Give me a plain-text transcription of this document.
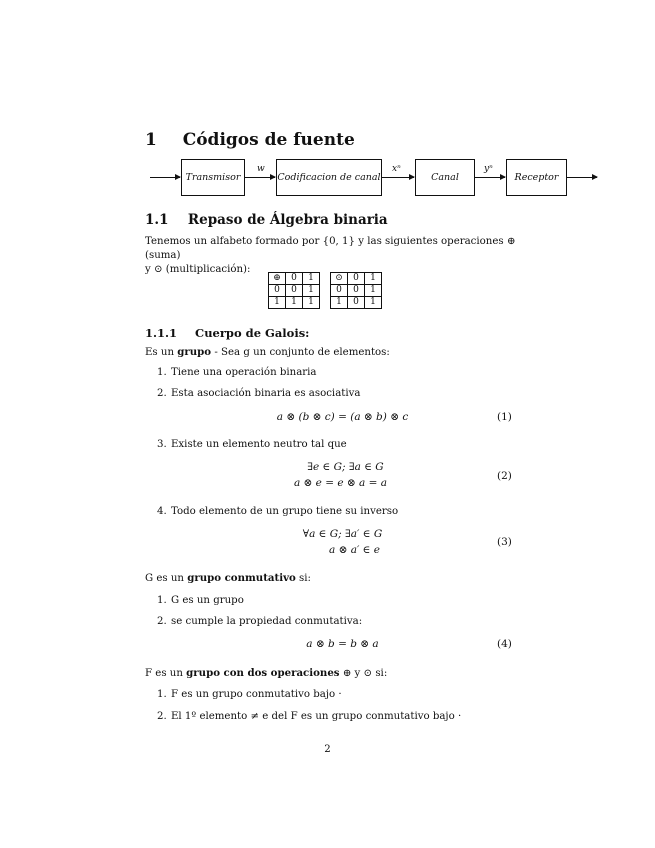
1 Códigos de fuente
Transmisor
w
Codificacion de canal
xⁿ
Canal
yⁿ
Receptor
1.1 Repaso de Álgebra binaria
Tenemos un alfabeto formado por {0, 1} y las siguientes operaciones ⊕ (suma)
y ⊙ (multiplicación):
⊕	0	1
0	0	1
1	1	1
⊙	0	1
0	0	1
1	0	1
1.1.1 Cuerpo de Galois:
Es un grupo - Sea g un conjunto de elementos:
1. Tiene una operación binaria
2. Esta asociación binaria es asociativa
a ⊗ (b ⊗ c) = (a ⊗ b) ⊗ c	(1)
3. Existe un elemento neutro tal que
∃e ∈ G; ∃a ∈ G
a ⊗ e = e ⊗ a = a
(2)
4. Todo elemento de un grupo tiene su inverso
∀a ∈ G; ∃a′ ∈ G
a ⊗ a′ ∈ e
(3)
G es un grupo conmutativo si:
1. G es un grupo
2. se cumple la propiedad conmutativa:
a ⊗ b = b ⊗ a	(4)
F es un grupo con dos operaciones ⊕ y ⊙ si:
1. F es un grupo conmutativo bajo ·
2. El 1º elemento ≠ e del F es un grupo conmutativo bajo ·
2
